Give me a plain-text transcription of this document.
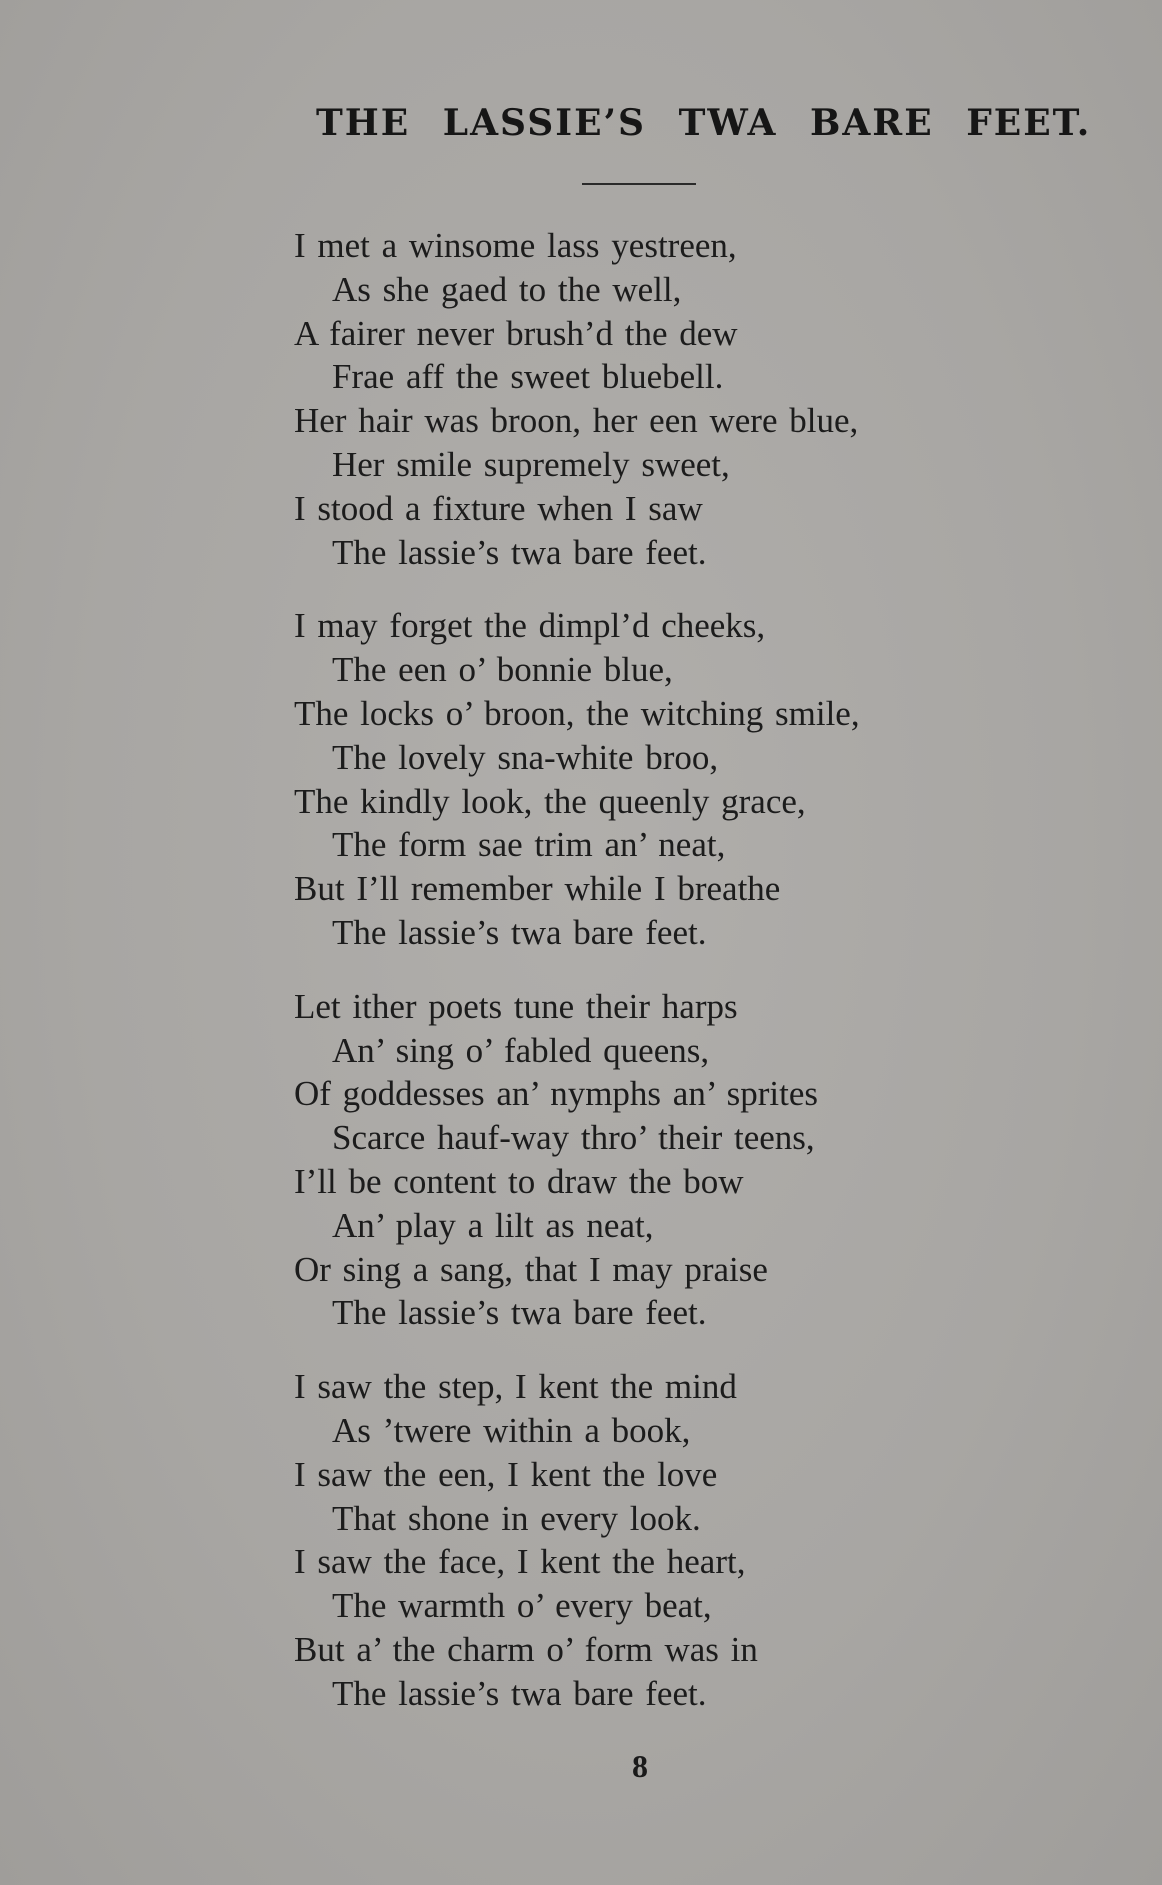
THE LASSIE’S TWA BARE FEET.
I met a winsome lass yestreen,
As she gaed to the well,
A fairer never brush’d the dew
Frae aff the sweet bluebell.
Her hair was broon, her een were blue,
Her smile supremely sweet,
I stood a fixture when I saw
The lassie’s twa bare feet.
I may forget the dimpl’d cheeks,
The een o’ bonnie blue,
The locks o’ broon, the witching smile,
The lovely sna-white broo,
The kindly look, the queenly grace,
The form sae trim an’ neat,
But I’ll remember while I breathe
The lassie’s twa bare feet.
Let ither poets tune their harps
An’ sing o’ fabled queens,
Of goddesses an’ nymphs an’ sprites
Scarce hauf-way thro’ their teens,
I’ll be content to draw the bow
An’ play a lilt as neat,
Or sing a sang, that I may praise
The lassie’s twa bare feet.
I saw the step, I kent the mind
As ’twere within a book,
I saw the een, I kent the love
That shone in every look.
I saw the face, I kent the heart,
The warmth o’ every beat,
But a’ the charm o’ form was in
The lassie’s twa bare feet.
8
